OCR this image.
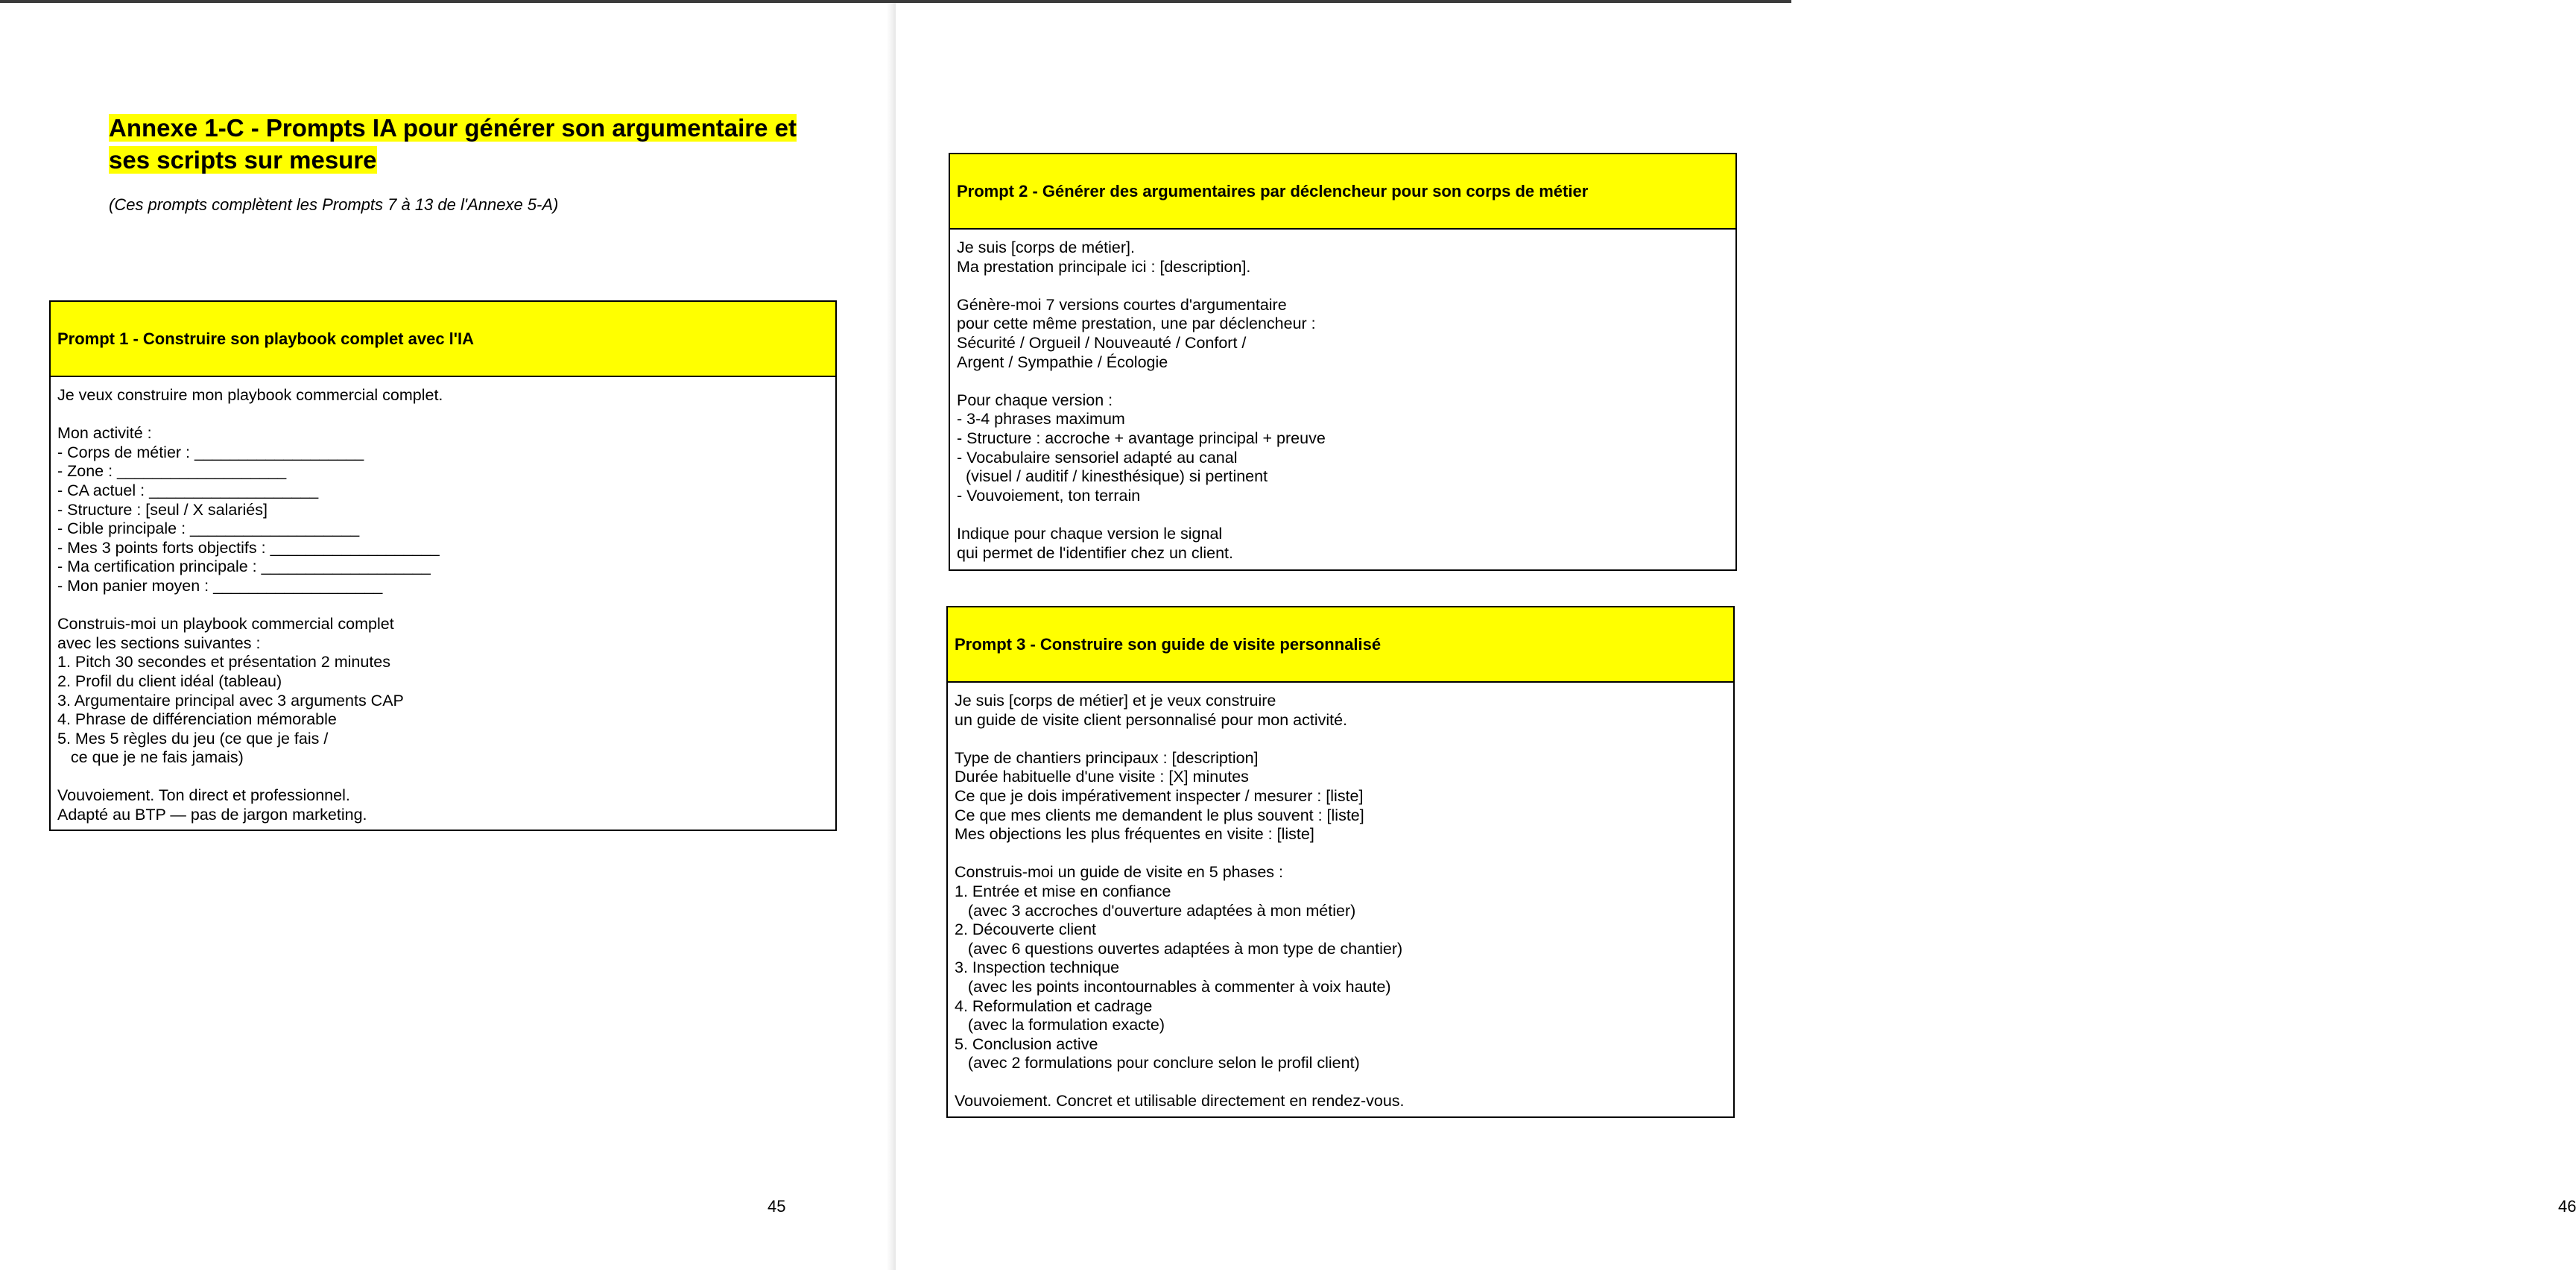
Annexe 1-C - Prompts IA pour générer son argumentaire et ses scripts sur mesure

(Ces prompts complètent les Prompts 7 à 13 de l'Annexe 5-A)

Prompt 1 - Construire son playbook complet avec l'IA

Je veux construire mon playbook commercial complet.
Mon activité :
- Corps de métier : ___________________
- Zone : ___________________
- CA actuel : ___________________
- Structure : [seul / X salariés]
- Cible principale : ___________________
- Mes 3 points forts objectifs : ___________________
- Ma certification principale : ___________________
- Mon panier moyen : ___________________
Construis-moi un playbook commercial complet
avec les sections suivantes :
1. Pitch 30 secondes et présentation 2 minutes
2. Profil du client idéal (tableau)
3. Argumentaire principal avec 3 arguments CAP
4. Phrase de différenciation mémorable
5. Mes 5 règles du jeu (ce que je fais /
ce que je ne fais jamais)
Vouvoiement. Ton direct et professionnel.
Adapté au BTP — pas de jargon marketing.
45	46

Prompt 2 - Générer des argumentaires par déclencheur pour son corps de métier

Je suis [corps de métier].
Ma prestation principale ici : [description].
Génère-moi 7 versions courtes d'argumentaire
pour cette même prestation, une par déclencheur :
Sécurité / Orgueil / Nouveauté / Confort /
Argent / Sympathie / Écologie
Pour chaque version :
- 3-4 phrases maximum
- Structure : accroche + avantage principal + preuve
- Vocabulaire sensoriel adapté au canal
(visuel / auditif / kinesthésique) si pertinent
- Vouvoiement, ton terrain
Indique pour chaque version le signal
qui permet de l'identifier chez un client.

Prompt 3 - Construire son guide de visite personnalisé

Je suis [corps de métier] et je veux construire
un guide de visite client personnalisé pour mon activité.
Type de chantiers principaux : [description]
Durée habituelle d'une visite : [X] minutes
Ce que je dois impérativement inspecter / mesurer : [liste]
Ce que mes clients me demandent le plus souvent : [liste]
Mes objections les plus fréquentes en visite : [liste]
Construis-moi un guide de visite en 5 phases :
1. Entrée et mise en confiance
(avec 3 accroches d'ouverture adaptées à mon métier)
2. Découverte client
(avec 6 questions ouvertes adaptées à mon type de chantier)
3. Inspection technique
(avec les points incontournables à commenter à voix haute)
4. Reformulation et cadrage
(avec la formulation exacte)
5. Conclusion active
(avec 2 formulations pour conclure selon le profil client)
Vouvoiement. Concret et utilisable directement en rendez-vous.
